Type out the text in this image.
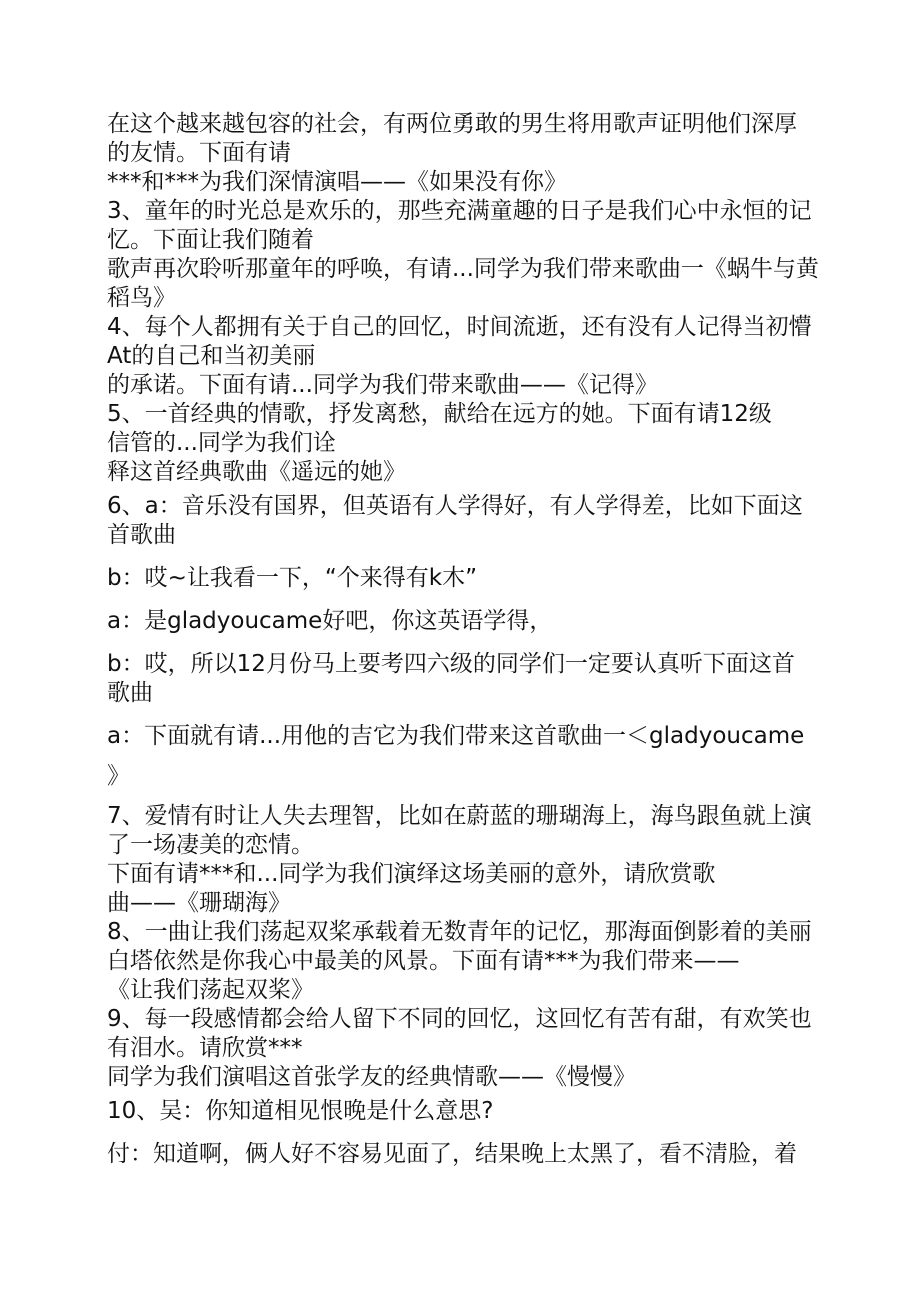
在这个越来越包容的社会，有两位勇敢的男生将用歌声证明他们深厚

的友情。下面有请

***和***为我们深情演唱——《如果没有你》

3、童年的时光总是欢乐的，那些充满童趣的日子是我们心中永恒的记

忆。下面让我们随着

歌声再次聆听那童年的呼唤，有请...同学为我们带来歌曲一《蜗牛与黄

稻鸟》

4、每个人都拥有关于自己的回忆，时间流逝，还有没有人记得当初懵

At的自己和当初美丽

的承诺。下面有请...同学为我们带来歌曲——《记得》

5、一首经典的情歌，抒发离愁，献给在远方的她。下面有请12级

信管的...同学为我们诠

释这首经典歌曲《遥远的她》

6、a：音乐没有国界，但英语有人学得好，有人学得差，比如下面这

首歌曲

b：哎~让我看一下，“个来得有k木”

a：是gladyoucame好吧，你这英语学得，

b：哎，所以12月份马上要考四六级的同学们一定要认真听下面这首

歌曲

a：下面就有请...用他的吉它为我们带来这首歌曲一＜gladyoucame

》

7、爱情有时让人失去理智，比如在蔚蓝的珊瑚海上，海鸟跟鱼就上演

了一场凄美的恋情。

下面有请***和...同学为我们演绎这场美丽的意外，请欣赏歌

曲——《珊瑚海》

8、一曲让我们荡起双桨承载着无数青年的记忆，那海面倒影着的美丽

白塔依然是你我心中最美的风景。下面有请***为我们带来——

《让我们荡起双桨》

9、每一段感情都会给人留下不同的回忆，这回忆有苦有甜，有欢笑也

有泪水。请欣赏***

同学为我们演唱这首张学友的经典情歌——《慢慢》

10、吴：你知道相见恨晚是什么意思?

付：知道啊，俩人好不容易见面了，结果晚上太黑了，看不清脸，着
